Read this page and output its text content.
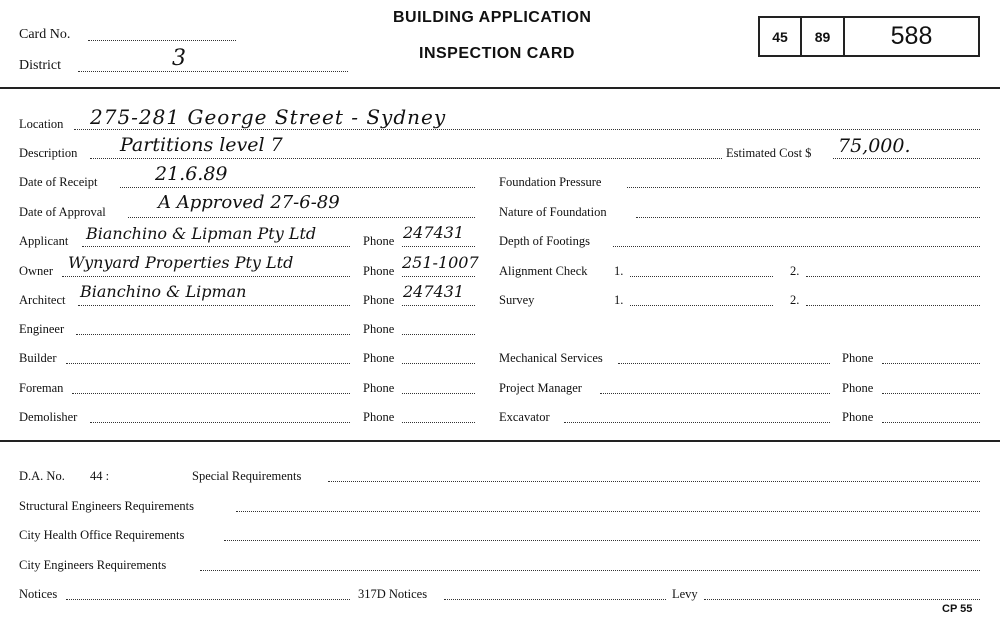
Card No.
District	3
BUILDING APPLICATION
INSPECTION CARD
45	89	588
Location 275-281 George Street - Sydney
Description Partitions level 7	Estimated Cost $ 75,000.
Date of Receipt	21.6.89
Date of Approval	A Approved 27-6-89
Applicant Bianchino & Lipman Pty Ltd	Phone 247431
Owner Wynyard Properties Pty Ltd	Phone 251-1007
Architect Bianchino & Lipman	Phone 247431
Engineer	Phone
Builder	Phone
Foreman	Phone
Demolisher	Phone
Foundation Pressure
Nature of Foundation
Depth of Footings
Alignment Check 1.	2.
Survey	1.	2.
Mechanical Services	Phone
Project Manager	Phone
Excavator	Phone
D.A. No. 44 :	Special Requirements
Structural Engineers Requirements
City Health Office Requirements
City Engineers Requirements
Notices	317D Notices	Levy
CP 55
